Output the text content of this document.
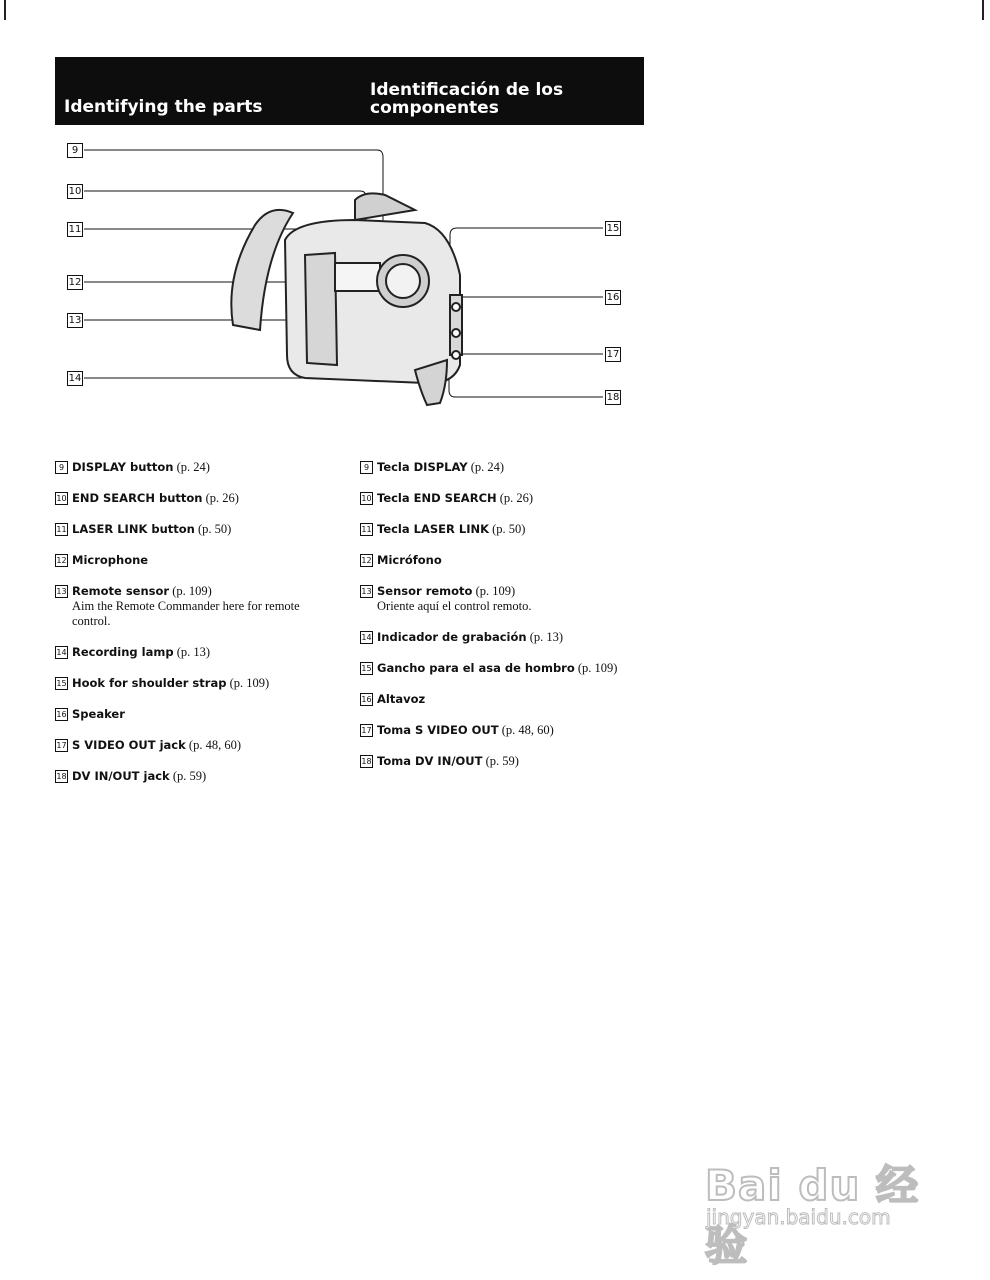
Identifying the parts
Identificación de los
componentes
9
10
11
12
13
14
15
16
17
18
9 DISPLAY button (p. 24)
10 END SEARCH button (p. 26)
11 LASER LINK button (p. 50)
12 Microphone
13 Remote sensor (p. 109)
Aim the Remote Commander here for remote control.
14 Recording lamp (p. 13)
15 Hook for shoulder strap (p. 109)
16 Speaker
17 S VIDEO OUT jack (p. 48, 60)
18 DV IN/OUT jack (p. 59)
9 Tecla DISPLAY (p. 24)
10 Tecla END SEARCH (p. 26)
11 Tecla LASER LINK (p. 50)
12 Micrófono
13 Sensor remoto (p. 109)
Oriente aquí el control remoto.
14 Indicador de grabación (p. 13)
15 Gancho para el asa de hombro (p. 109)
16 Altavoz
17 Toma S VIDEO OUT (p. 48, 60)
18 Toma DV IN/OUT (p. 59)
Bai du 经验
jingyan.baidu.com
